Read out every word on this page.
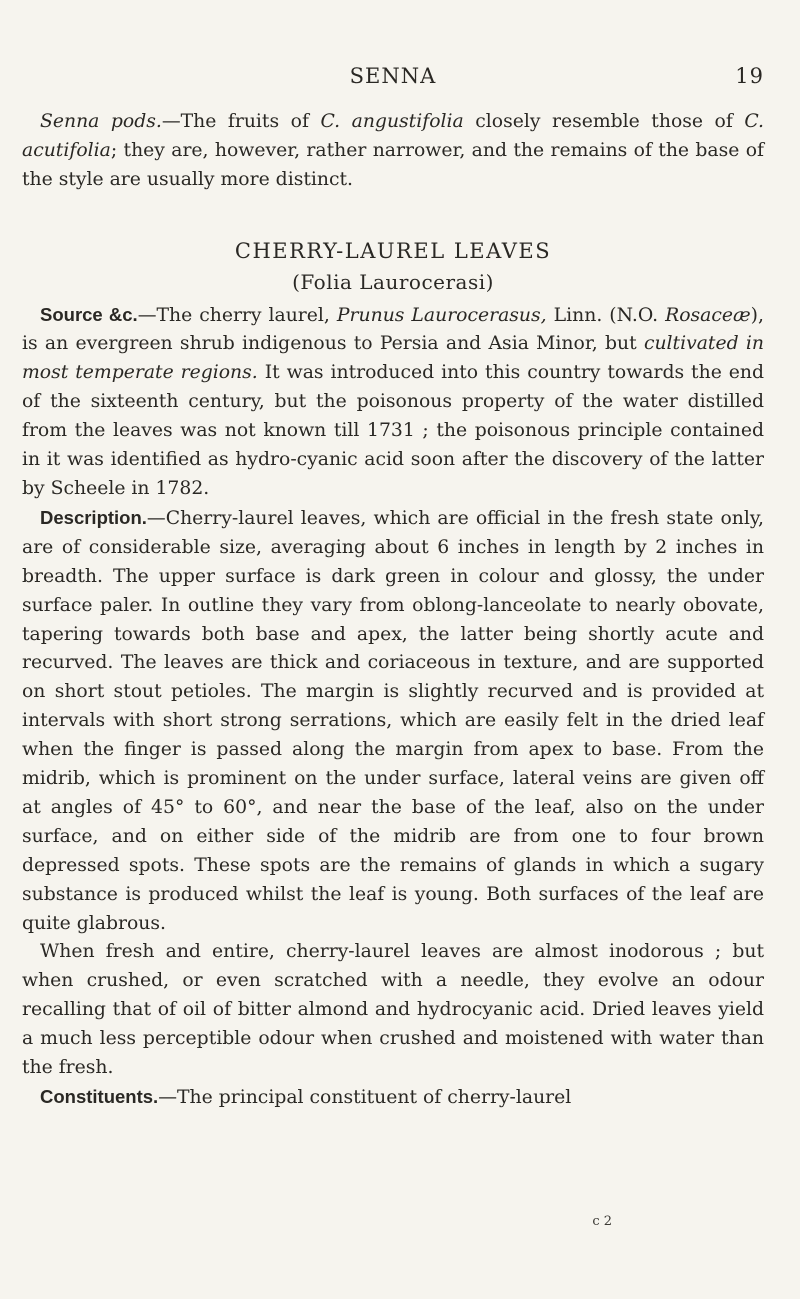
SENNA	19

Senna pods.—The fruits of C. angustifolia closely resemble those of C. acutifolia; they are, however, rather narrower, and the remains of the base of the style are usually more distinct.

CHERRY-LAUREL LEAVES

(Folia Laurocerasi)

Source &c.—The cherry laurel, Prunus Laurocerasus, Linn. (N.O. Rosaceæ), is an evergreen shrub indigenous to Persia and Asia Minor, but cultivated in most temperate regions. It was introduced into this country towards the end of the sixteenth century, but the poisonous property of the water distilled from the leaves was not known till 1731 ; the poisonous principle contained in it was identified as hydro-cyanic acid soon after the discovery of the latter by Scheele in 1782.

Description.—Cherry-laurel leaves, which are official in the fresh state only, are of considerable size, averaging about 6 inches in length by 2 inches in breadth. The upper surface is dark green in colour and glossy, the under surface paler. In outline they vary from oblong-lanceolate to nearly obovate, tapering towards both base and apex, the latter being shortly acute and recurved. The leaves are thick and coriaceous in texture, and are supported on short stout petioles. The margin is slightly recurved and is provided at intervals with short strong serrations, which are easily felt in the dried leaf when the finger is passed along the margin from apex to base. From the midrib, which is prominent on the under surface, lateral veins are given off at angles of 45° to 60°, and near the base of the leaf, also on the under surface, and on either side of the midrib are from one to four brown depressed spots. These spots are the remains of glands in which a sugary substance is produced whilst the leaf is young. Both surfaces of the leaf are quite glabrous.

When fresh and entire, cherry-laurel leaves are almost inodorous ; but when crushed, or even scratched with a needle, they evolve an odour recalling that of oil of bitter almond and hydrocyanic acid. Dried leaves yield a much less perceptible odour when crushed and moistened with water than the fresh.

Constituents.—The principal constituent of cherry-laurel

c 2
